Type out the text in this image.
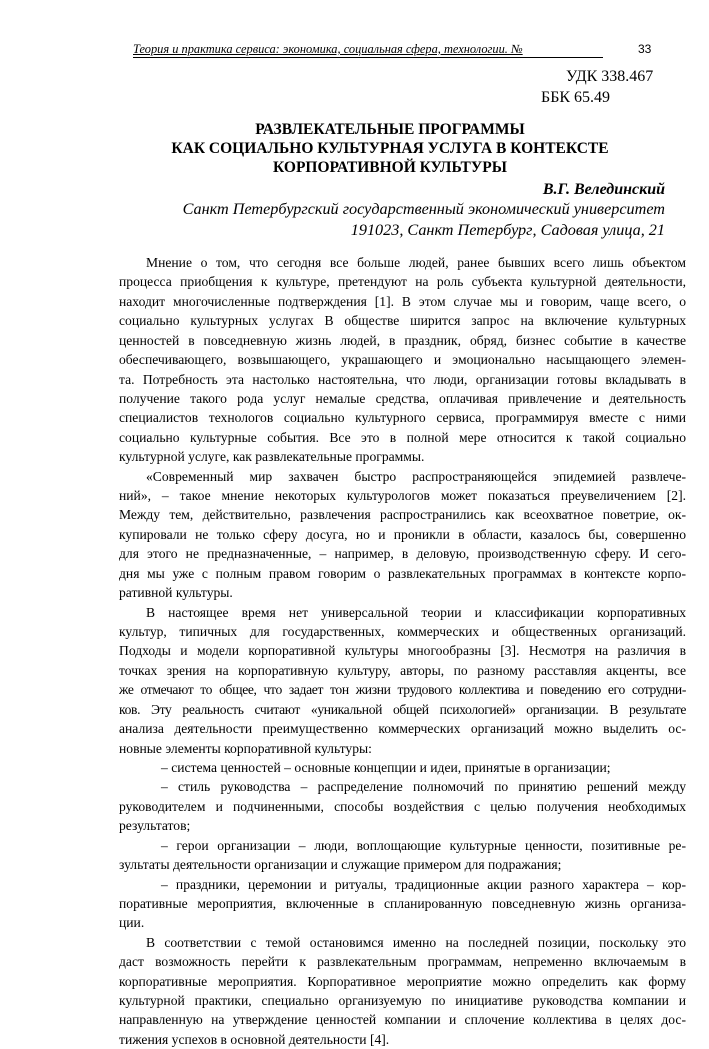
Теория и практика сервиса: экономика, социальная сфера, технологии. №	33
УДК 338.467
ББК 65.49
РАЗВЛЕКАТЕЛЬНЫЕ ПРОГРАММЫ
КАК СОЦИАЛЬНО КУЛЬТУРНАЯ УСЛУГА В КОНТЕКСТЕ
КОРПОРАТИВНОЙ КУЛЬТУРЫ
В.Г. Велединский
Санкт Петербургский государственный экономический университет
191023, Санкт Петербург, Садовая улица, 21
Мнение о том, что сегодня все больше людей, ранее бывших всего лишь объектом
процесса приобщения к культуре, претендуют на роль субъекта культурной деятельности,
находит многочисленные подтверждения [1]. В этом случае мы и говорим, чаще всего, о
социально культурных услугах В обществе ширится запрос на включение культурных
ценностей в повседневную жизнь людей, в праздник, обряд, бизнес событие в качестве
обеспечивающего, возвышающего, украшающего и эмоционально насыщающего элемен-
та. Потребность эта настолько настоятельна, что люди, организации готовы вкладывать в
получение такого рода услуг немалые средства, оплачивая привлечение и деятельность
специалистов технологов социально культурного сервиса, программируя вместе с ними
социально культурные события. Все это в полной мере относится к такой социально
культурной услуге, как развлекательные программы.
«Современный мир захвачен быстро распространяющейся эпидемией развлече-
ний», – такое мнение некоторых культурологов может показаться преувеличением [2].
Между тем, действительно, развлечения распространились как всеохватное поветрие, ок-
купировали не только сферу досуга, но и проникли в области, казалось бы, совершенно
для этого не предназначенные, – например, в деловую, производственную сферу. И сего-
дня мы уже с полным правом говорим о развлекательных программах в контексте корпо-
ративной культуры.
В настоящее время нет универсальной теории и классификации корпоративных
культур, типичных для государственных, коммерческих и общественных организаций.
Подходы и модели корпоративной культуры многообразны [3]. Несмотря на различия в
точках зрения на корпоративную культуру, авторы, по разному расставляя акценты, все
же отмечают то общее, что задает тон жизни трудового коллектива и поведению его сотрудни-
ков. Эту реальность считают «уникальной общей психологией» организации. В результате
анализа деятельности преимущественно коммерческих организаций можно выделить ос-
новные элементы корпоративной культуры:
– система ценностей – основные концепции и идеи, принятые в организации;
– стиль руководства – распределение полномочий по принятию решений между
руководителем и подчиненными, способы воздействия с целью получения необходимых
результатов;
– герои организации – люди, воплощающие культурные ценности, позитивные ре-
зультаты деятельности организации и служащие примером для подражания;
– праздники, церемонии и ритуалы, традиционные акции разного характера – кор-
поративные мероприятия, включенные в спланированную повседневную жизнь организа-
ции.
В соответствии с темой остановимся именно на последней позиции, поскольку это
даст возможность перейти к развлекательным программам, непременно включаемым в
корпоративные мероприятия. Корпоративное мероприятие можно определить как форму
культурной практики, специально организуемую по инициативе руководства компании и
направленную на утверждение ценностей компании и сплочение коллектива в целях дос-
тижения успехов в основной деятельности [4].
